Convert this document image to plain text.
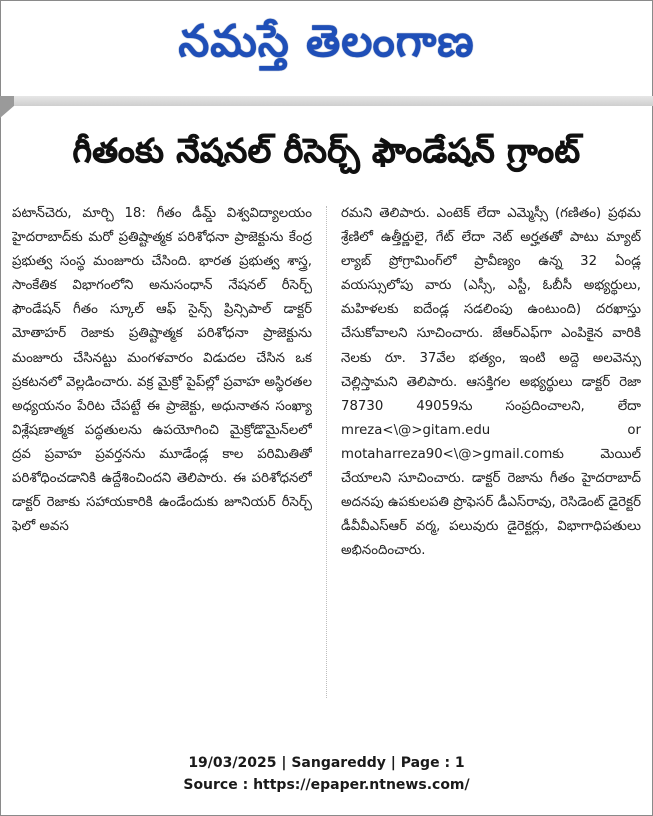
నమస్తే తెలంగాణ
గీతంకు నేషనల్ రీసెర్చ్ ఫౌండేషన్ గ్రాంట్

పటాన్‌చెరు, మార్చి 18: గీతం డీమ్డ్ విశ్వవిద్యాలయం హైదరాబాద్‌కు మరో ప్రతిష్టాత్మక పరిశోధనా ప్రాజెక్టును కేంద్ర ప్రభుత్వ సంస్థ మంజూరు చేసింది. భారత ప్రభుత్వ శాస్త్ర, సాంకేతిక విభాగంలోని అనుసంధాన్ నేషనల్ రీసెర్చ్ ఫౌండేషన్ గీతం స్కూల్ ఆఫ్ సైన్స్ ప్రిన్సిపాల్ డాక్టర్ మోతాహర్ రెజాకు ప్రతిష్టాత్మక పరిశోధనా ప్రాజెక్టును మంజూరు చేసినట్టు మంగళవారం విడుదల చేసిన ఒక ప్రకటనలో వెల్లడించారు. వక్ర మైక్రో పైప్‌ల్లో ప్రవాహ అస్థిరతల అధ్యయనం పేరిట చేపట్టే ఈ ప్రాజెక్టు, అధునాతన సంఖ్యా విశ్లేషణాత్మక పద్ధతులను ఉపయోగించి మైక్రోడొమైన్‌లలో ద్రవ ప్రవాహ ప్రవర్తనను మూడేండ్ల కాల పరిమితితో పరిశోధించడానికి ఉద్దేశించిందని తెలిపారు. ఈ పరిశోధనలో డాక్టర్ రెజాకు సహాయకారికి ఉండేందుకు జూనియర్ రీసెర్చ్ ఫెలో అవస

రమని తెలిపారు. ఎంటెక్ లేదా ఎమ్మెస్సీ (గణితం) ప్రథమ శ్రేణిలో ఉత్తీర్ణులై, గేట్ లేదా నెట్ అర్హతతో పాటు మ్యాట్ ల్యాబ్ ప్రోగ్రామింగ్‌లో ప్రావీణ్యం ఉన్న 32 ఏండ్ల వయస్సులోపు వారు (ఎస్సీ, ఎస్టీ, ఓబీసీ అభ్యర్థులు, మహిళలకు ఐదేండ్ల సడలింపు ఉంటుంది) దరఖాస్తు చేసుకోవాలని సూచించారు. జేఆర్ఎఫ్‌గా ఎంపికైన వారికి నెలకు రూ. 37వేల భత్యం, ఇంటి అద్దె అలవెన్సు చెల్లిస్తామని తెలిపారు. ఆసక్తిగల అభ్యర్థులు డాక్టర్ రెజా 78730 49059ను సంప్రదించాలని, లేదా mreza<\@>gitam.edu or motaharreza90<\@>gmail.comకు మెయిల్ చేయాలని సూచించారు. డాక్టర్ రెజాను గీతం హైదరాబాద్ అదనపు ఉపకులపతి ప్రొఫెసర్ డీఎస్‌రావు, రెసిడెంట్ డైరెక్టర్ డీవీవీఎస్‌ఆర్ వర్మ, పలువురు డైరెక్టర్లు, విభాగాధిపతులు అభినందించారు.

19/03/2025 | Sangareddy | Page : 1
Source : https://epaper.ntnews.com/
